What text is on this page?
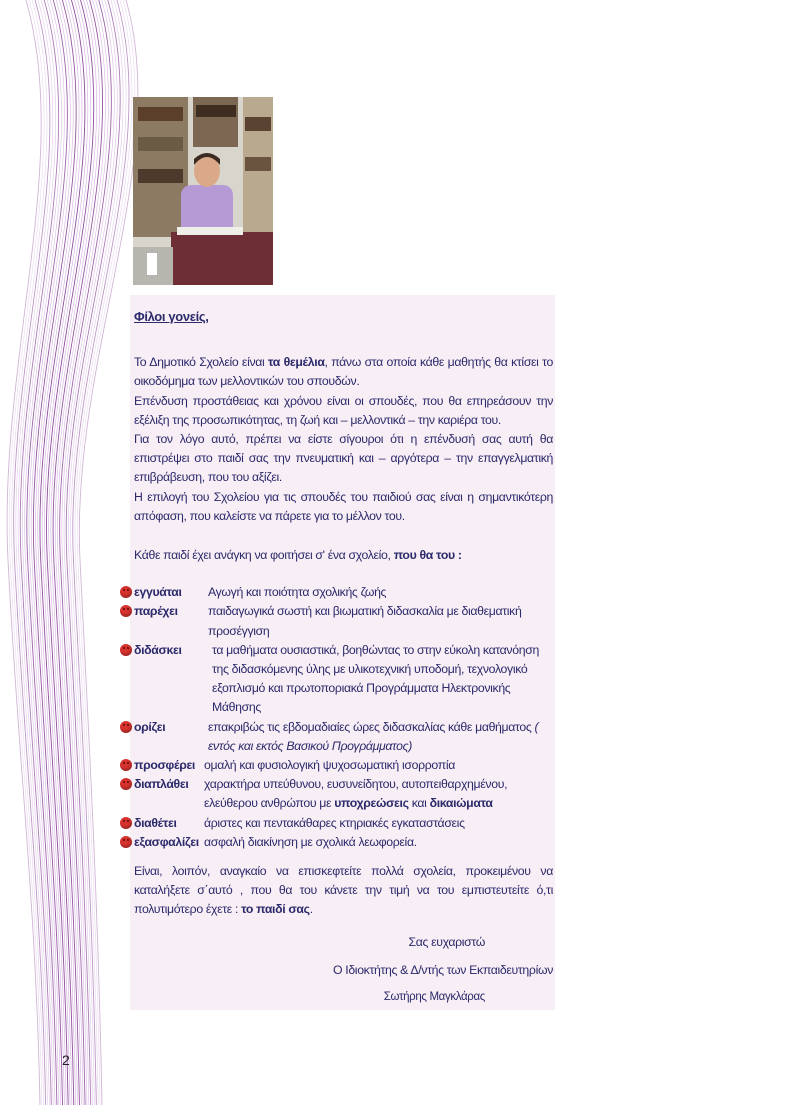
Φίλοι γονείς,

Το Δημοτικό Σχολείο είναι τα θεμέλια, πάνω στα οποία κάθε μαθητής θα κτίσει το οικοδόμημα των μελλοντικών του σπουδών.

Επένδυση προστάθειας και χρόνου είναι οι σπουδές, που θα επηρεάσουν την εξέλιξη της προσωπικότητας, τη ζωή και – μελλοντικά – την καριέρα του.

Για τον λόγο αυτό, πρέπει να είστε σίγουροι ότι η επένδυσή σας αυτή θα επιστρέψει στο παιδί σας την πνευματική και – αργότερα – την επαγγελματική επιβράβευση, που του αξίζει.

Η επιλογή του Σχολείου για τις σπουδές του παιδιού σας είναι η σημαντικότερη απόφαση, που καλείστε να πάρετε για το μέλλον του.

Κάθε παιδί έχει ανάγκη να φοιτήσει σ' ένα σχολείο, που θα του :

εγγυάται	Αγωγή και ποιότητα σχολικής ζωής
παρέχει	παιδαγωγικά σωστή και βιωματική διδασκαλία με διαθεματική προσέγγιση
διδάσκει	τα μαθήματα ουσιαστικά, βοηθώντας το στην εύκολη κατανόηση της διδασκόμενης ύλης με υλικοτεχνική υποδομή, τεχνολογικό εξοπλισμό και πρωτοποριακά Προγράμματα Ηλεκτρονικής Μάθησης
ορίζει	επακριβώς τις εβδομαδιαίες ώρες διδασκαλίας κάθε μαθήματος ( εντός και εκτός Βασικού Προγράμματος)
προσφέρει ομαλή και φυσιολογική ψυχοσωματική ισορροπία
διαπλάθει	χαρακτήρα υπεύθυνου, ευσυνείδητου, αυτοπειθαρχημένου, ελεύθερου ανθρώπου με υποχρεώσεις και δικαιώματα
διαθέτει	άριστες και πεντακάθαρες κτηριακές εγκαταστάσεις
εξασφαλίζει ασφαλή διακίνηση με σχολικά λεωφορεία.

Είναι, λοιπόν, αναγκαίο να επισκεφτείτε πολλά σχολεία, προκειμένου να καταλήξετε σ΄αυτό , που θα του κάνετε την τιμή να του εμπιστευτείτε ό,τι πολυτιμότερο έχετε : το παιδί σας.

Σας ευχαριστώ
Ο Ιδιοκτήτης & Δ/ντής των Εκπαιδευτηρίων
Σωτήρης Μαγκλάρας
2
